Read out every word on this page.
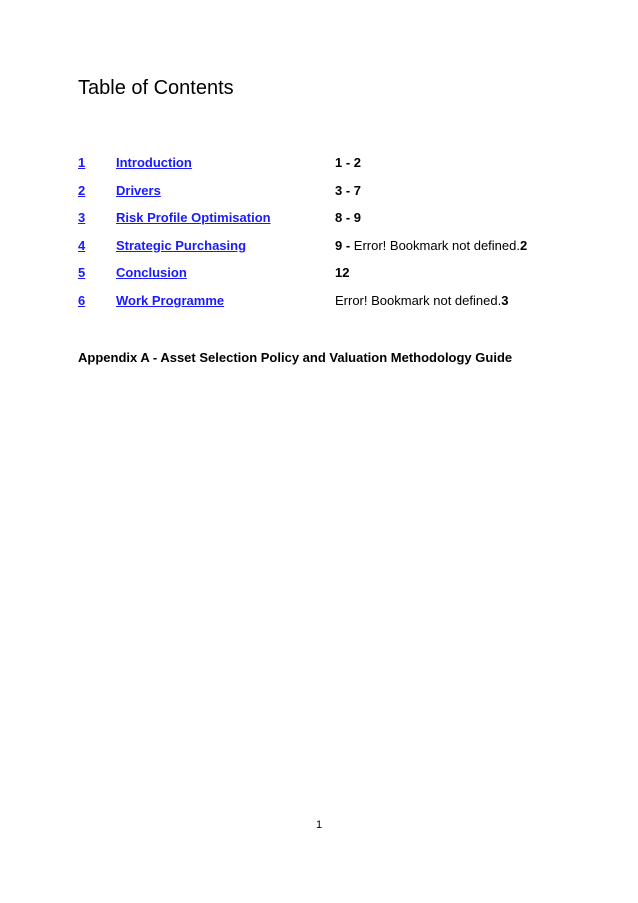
Table of Contents
1 Introduction	1 - 2
2 Drivers	3 - 7
3 Risk Profile Optimisation	8 - 9
4 Strategic Purchasing	9 - Error! Bookmark not defined.2
5 Conclusion	12
6 Work Programme	Error! Bookmark not defined.3

Appendix A - Asset Selection Policy and Valuation Methodology Guide

1
